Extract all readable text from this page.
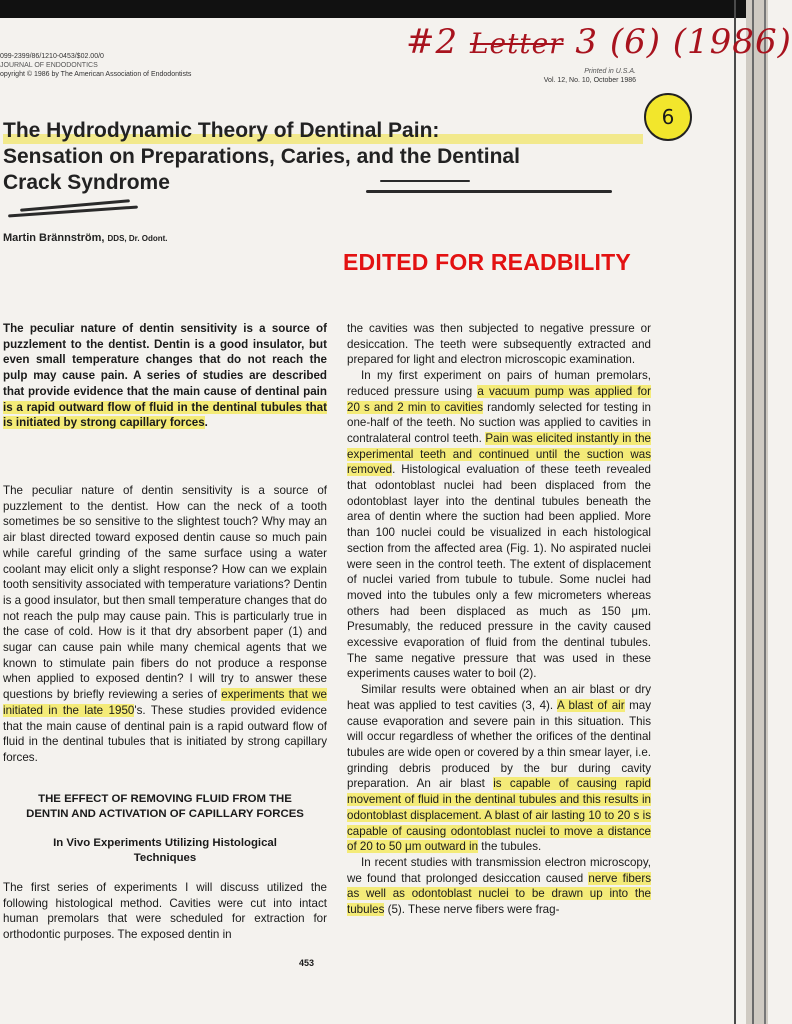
099-2399/86/1210-0453/$02.00/0
JOURNAL OF ENDODONTICS
opyright © 1986 by The American Association of Endodontists	Printed in U.S.A.
Vol. 12, No. 10, October 1986
#2 Letter 3 (6) (1986)
6
The Hydrodynamic Theory of Dentinal Pain:
Sensation on Preparations, Caries, and the Dentinal
Crack Syndrome
Martin Brännström, DDS, Dr. Odont.
EDITED FOR READBILITY

The peculiar nature of dentin sensitivity is a source of puzzlement to the dentist. Dentin is a good insulator, but even small temperature changes that do not reach the pulp may cause pain. A series of studies are described that provide evidence that the main cause of dentinal pain is a rapid outward flow of fluid in the dentinal tubules that is initiated by strong capillary forces.

The peculiar nature of dentin sensitivity is a source of puzzlement to the dentist. How can the neck of a tooth sometimes be so sensitive to the slightest touch? Why may an air blast directed toward exposed dentin cause so much pain while careful grinding of the same surface using a water coolant may elicit only a slight response? How can we explain tooth sensitivity associated with temperature variations? Dentin is a good insulator, but then small temperature changes that do not reach the pulp may cause pain. This is particularly true in the case of cold. How is it that dry absorbent paper (1) and sugar can cause pain while many chemical agents that we known to stimulate pain fibers do not produce a response when applied to exposed dentin? I will try to answer these questions by briefly reviewing a series of experiments that we initiated in the late 1950's. These studies provided evidence that the main cause of dentinal pain is a rapid outward flow of fluid in the dentinal tubules that is initiated by strong capillary forces.

THE EFFECT OF REMOVING FLUID FROM THE DENTIN AND ACTIVATION OF CAPILLARY FORCES

In Vivo Experiments Utilizing Histological Techniques

The first series of experiments I will discuss utilized the following histological method. Cavities were cut into intact human premolars that were scheduled for extraction for orthodontic purposes. The exposed dentin in

453

the cavities was then subjected to negative pressure or desiccation. The teeth were subsequently extracted and prepared for light and electron microscopic examination.

In my first experiment on pairs of human premolars, reduced pressure using a vacuum pump was applied for 20 s and 2 min to cavities randomly selected for testing in one-half of the teeth. No suction was applied to cavities in contralateral control teeth. Pain was elicited instantly in the experimental teeth and continued until the suction was removed. Histological evaluation of these teeth revealed that odontoblast nuclei had been displaced from the odontoblast layer into the dentinal tubules beneath the area of dentin where the suction had been applied. More than 100 nuclei could be visualized in each histological section from the affected area (Fig. 1). No aspirated nuclei were seen in the control teeth. The extent of displacement of nuclei varied from tubule to tubule. Some nuclei had moved into the tubules only a few micrometers whereas others had been displaced as much as 150 μm. Presumably, the reduced pressure in the cavity caused excessive evaporation of fluid from the dentinal tubules. The same negative pressure that was used in these experiments causes water to boil (2).

Similar results were obtained when an air blast or dry heat was applied to test cavities (3, 4). A blast of air may cause evaporation and severe pain in this situation. This will occur regardless of whether the orifices of the dentinal tubules are wide open or covered by a thin smear layer, i.e. grinding debris produced by the bur during cavity preparation. An air blast is capable of causing rapid movement of fluid in the dentinal tubules and this results in odontoblast displacement. A blast of air lasting 10 to 20 s is capable of causing odontoblast nuclei to move a distance of 20 to 50 μm outward in the tubules.

In recent studies with transmission electron microscopy, we found that prolonged desiccation caused nerve fibers as well as odontoblast nuclei to be drawn up into the tubules (5). These nerve fibers were frag-
